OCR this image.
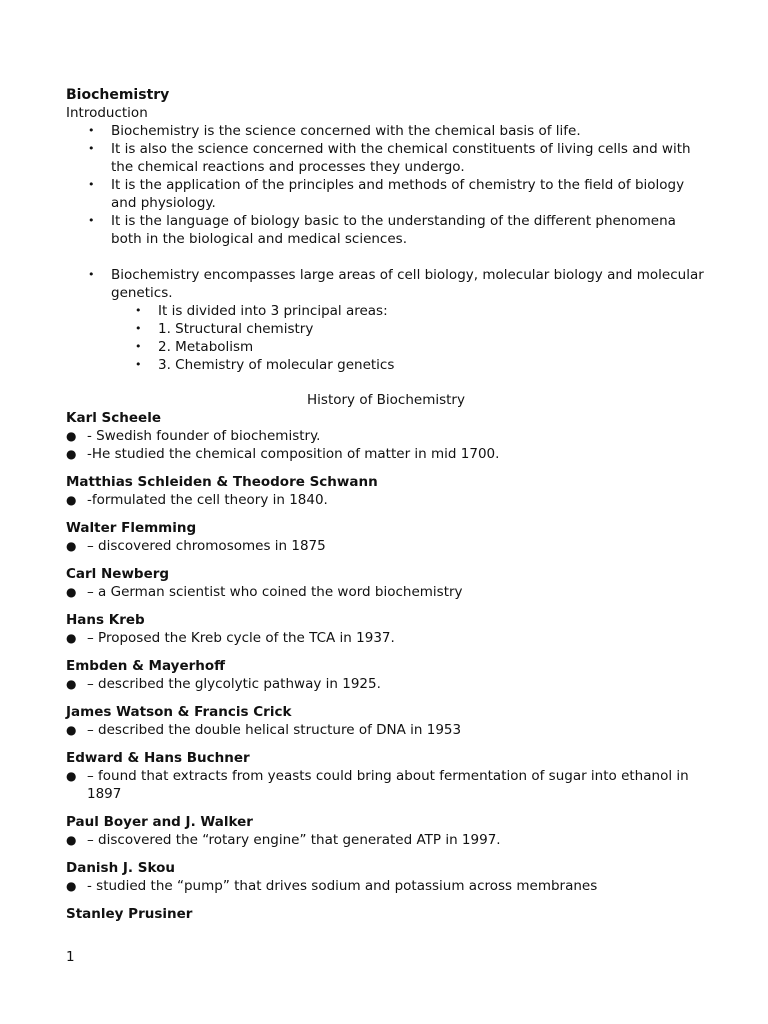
Biochemistry
Introduction
• Biochemistry is the science concerned with the chemical basis of life.
• It is also the science concerned with the chemical constituents of living cells and with the chemical reactions and processes they undergo.
• It is the application of the principles and methods of chemistry to the field of biology and physiology.
• It is the language of biology basic to the understanding of the different phenomena both in the biological and medical sciences.
• Biochemistry encompasses large areas of cell biology, molecular biology and molecular genetics.
• It is divided into 3 principal areas:
• 1. Structural chemistry
• 2. Metabolism
• 3. Chemistry of molecular genetics
History of Biochemistry
Karl Scheele
● - Swedish founder of biochemistry.
● -He studied the chemical composition of matter in mid 1700.
Matthias Schleiden & Theodore Schwann
● -formulated the cell theory in 1840.
Walter Flemming
● – discovered chromosomes in 1875
Carl Newberg
● – a German scientist who coined the word biochemistry
Hans Kreb
● – Proposed the Kreb cycle of the TCA in 1937.
Embden & Mayerhoff
● – described the glycolytic pathway in 1925.
James Watson & Francis Crick
● – described the double helical structure of DNA in 1953
Edward & Hans Buchner
● – found that extracts from yeasts could bring about fermentation of sugar into ethanol in 1897
Paul Boyer and J. Walker
● – discovered the “rotary engine” that generated ATP in 1997.
Danish J. Skou
● - studied the “pump” that drives sodium and potassium across membranes
Stanley Prusiner
1
